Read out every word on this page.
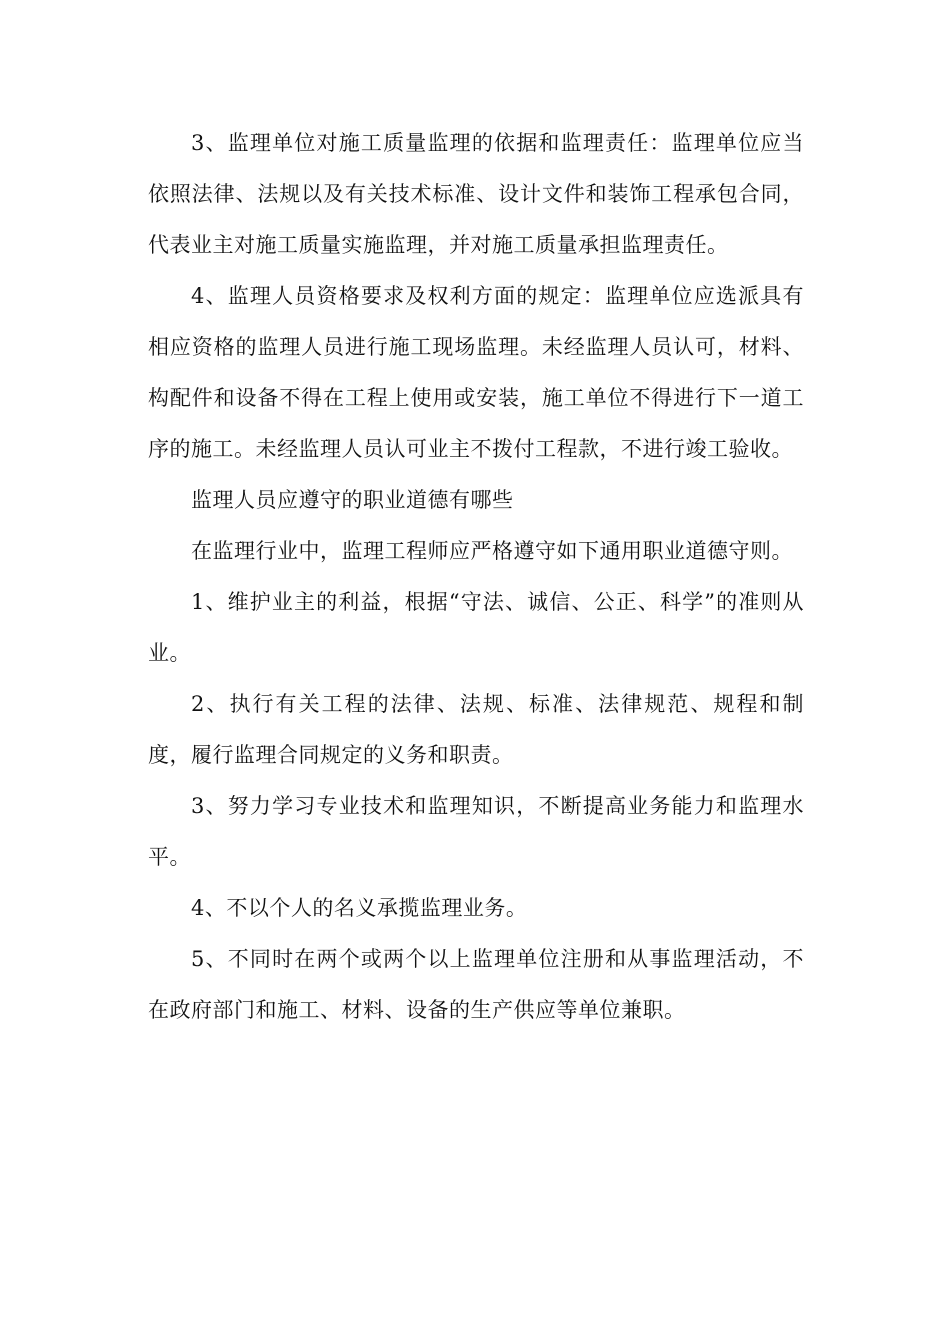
3、监理单位对施工质量监理的依据和监理责任：监理单位应当依照法律、法规以及有关技术标准、设计文件和装饰工程承包合同，代表业主对施工质量实施监理，并对施工质量承担监理责任。

4、监理人员资格要求及权利方面的规定：监理单位应选派具有相应资格的监理人员进行施工现场监理。未经监理人员认可，材料、构配件和设备不得在工程上使用或安装，施工单位不得进行下一道工序的施工。未经监理人员认可业主不拨付工程款，不进行竣工验收。

监理人员应遵守的职业道德有哪些

在监理行业中，监理工程师应严格遵守如下通用职业道德守则。

1、维护业主的利益，根据“守法、诚信、公正、科学”的准则从业。

2、执行有关工程的法律、法规、标准、法律规范、规程和制度，履行监理合同规定的义务和职责。

3、努力学习专业技术和监理知识，不断提高业务能力和监理水平。

4、不以个人的名义承揽监理业务。

5、不同时在两个或两个以上监理单位注册和从事监理活动，不在政府部门和施工、材料、设备的生产供应等单位兼职。
